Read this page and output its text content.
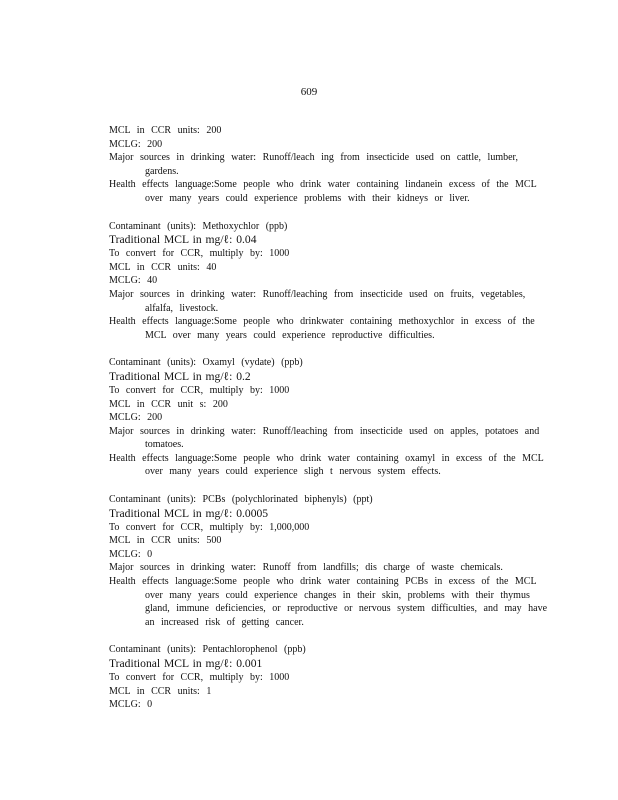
609
MCL in CCR units: 200
MCLG: 200
Major sources in drinking water: Runoff/leach ing from insecticide used on cattle, lumber, gardens.
Health effects language:Some people who drink water containing lindanein excess of the MCL over many years could experience problems with their kidneys or liver.
Contaminant (units): Methoxychlor (ppb)
Traditional MCL in mg/ℓ: 0.04
To convert for CCR, multiply by: 1000
MCL in CCR units: 40
MCLG: 40
Major sources in drinking water: Runoff/leaching from insecticide used on fruits, vegetables, alfalfa, livestock.
Health effects language:Some people who drinkwater containing methoxychlor in excess of the MCL over many years could experience reproductive difficulties.
Contaminant (units): Oxamyl (vydate) (ppb)
Traditional MCL in mg/ℓ: 0.2
To convert for CCR, multiply by: 1000
MCL in CCR unit s: 200
MCLG: 200
Major sources in drinking water: Runoff/leaching from insecticide used on apples, potatoes and tomatoes.
Health effects language:Some people who drink water containing oxamyl in excess of the MCL over many years could experience sligh t nervous system effects.
Contaminant (units): PCBs (polychlorinated biphenyls) (ppt)
Traditional MCL in mg/ℓ: 0.0005
To convert for CCR, multiply by: 1,000,000
MCL in CCR units: 500
MCLG: 0
Major sources in drinking water: Runoff from landfills; dis charge of waste chemicals.
Health effects language:Some people who drink water containing PCBs in excess of the MCL over many years could experience changes in their skin, problems with their thymus gland, immune deficiencies, or reproductive or nervous system difficulties, and may have an increased risk of getting cancer.
Contaminant (units): Pentachlorophenol (ppb)
Traditional MCL in mg/ℓ: 0.001
To convert for CCR, multiply by: 1000
MCL in CCR units: 1
MCLG: 0
